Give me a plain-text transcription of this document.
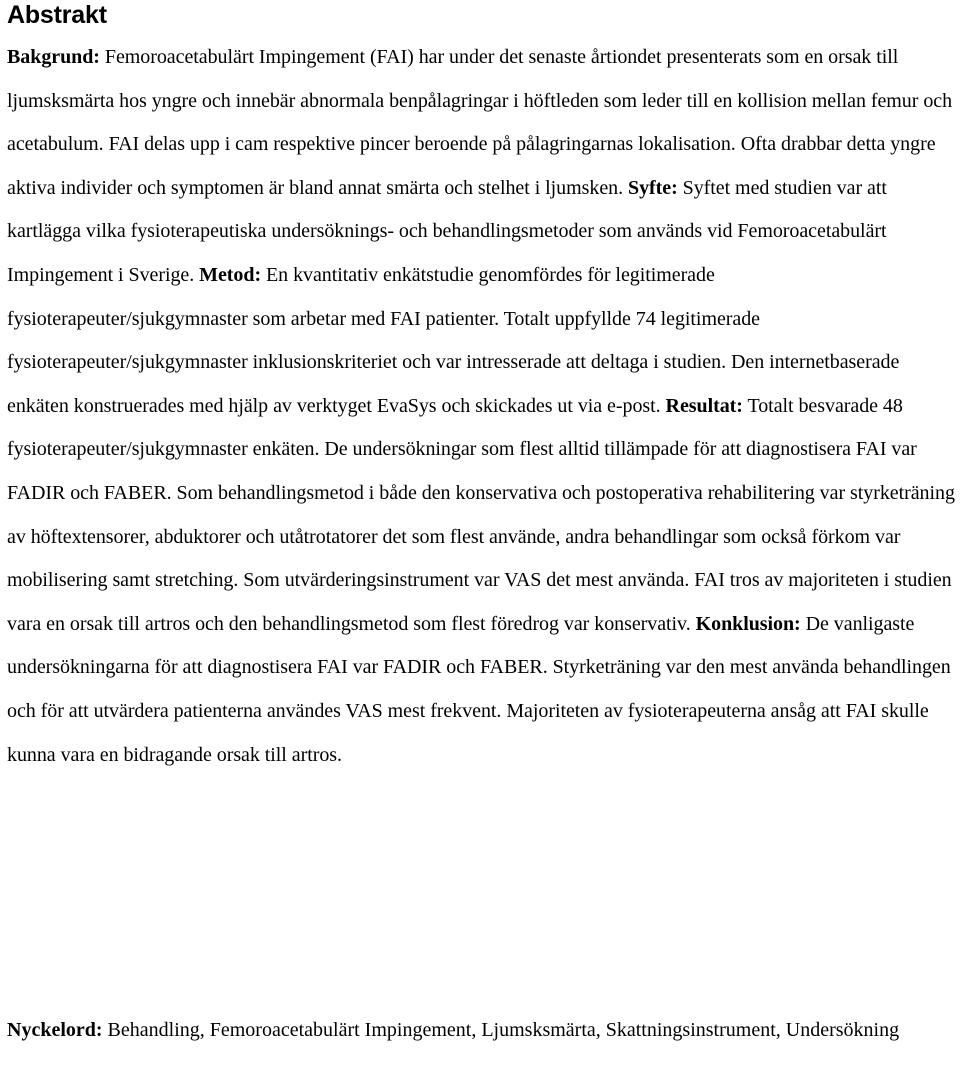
Abstrakt

Bakgrund: Femoroacetabulärt Impingement (FAI) har under det senaste årtiondet presenterats som en orsak till ljumsksmärta hos yngre och innebär abnormala benpålagringar i höftleden som leder till en kollision mellan femur och acetabulum. FAI delas upp i cam respektive pincer beroende på pålagringarnas lokalisation. Ofta drabbar detta yngre aktiva individer och symptomen är bland annat smärta och stelhet i ljumsken. Syfte: Syftet med studien var att kartlägga vilka fysioterapeutiska undersöknings- och behandlingsmetoder som används vid Femoroacetabulärt Impingement i Sverige. Metod: En kvantitativ enkätstudie genomfördes för legitimerade fysioterapeuter/sjukgymnaster som arbetar med FAI patienter. Totalt uppfyllde 74 legitimerade fysioterapeuter/sjukgymnaster inklusionskriteriet och var intresserade att deltaga i studien. Den internetbaserade enkäten konstruerades med hjälp av verktyget EvaSys och skickades ut via e-post. Resultat: Totalt besvarade 48 fysioterapeuter/sjukgymnaster enkäten. De undersökningar som flest alltid tillämpade för att diagnostisera FAI var FADIR och FABER. Som behandlingsmetod i både den konservativa och postoperativa rehabilitering var styrketräning av höftextensorer, abduktorer och utåtrotatorer det som flest använde, andra behandlingar som också förkom var mobilisering samt stretching. Som utvärderingsinstrument var VAS det mest använda. FAI tros av majoriteten i studien vara en orsak till artros och den behandlingsmetod som flest föredrog var konservativ. Konklusion: De vanligaste undersökningarna för att diagnostisera FAI var FADIR och FABER. Styrketräning var den mest använda behandlingen och för att utvärdera patienterna användes VAS mest frekvent. Majoriteten av fysioterapeuterna ansåg att FAI skulle kunna vara en bidragande orsak till artros.

Nyckelord: Behandling, Femoroacetabulärt Impingement, Ljumsksmärta, Skattningsinstrument, Undersökning
